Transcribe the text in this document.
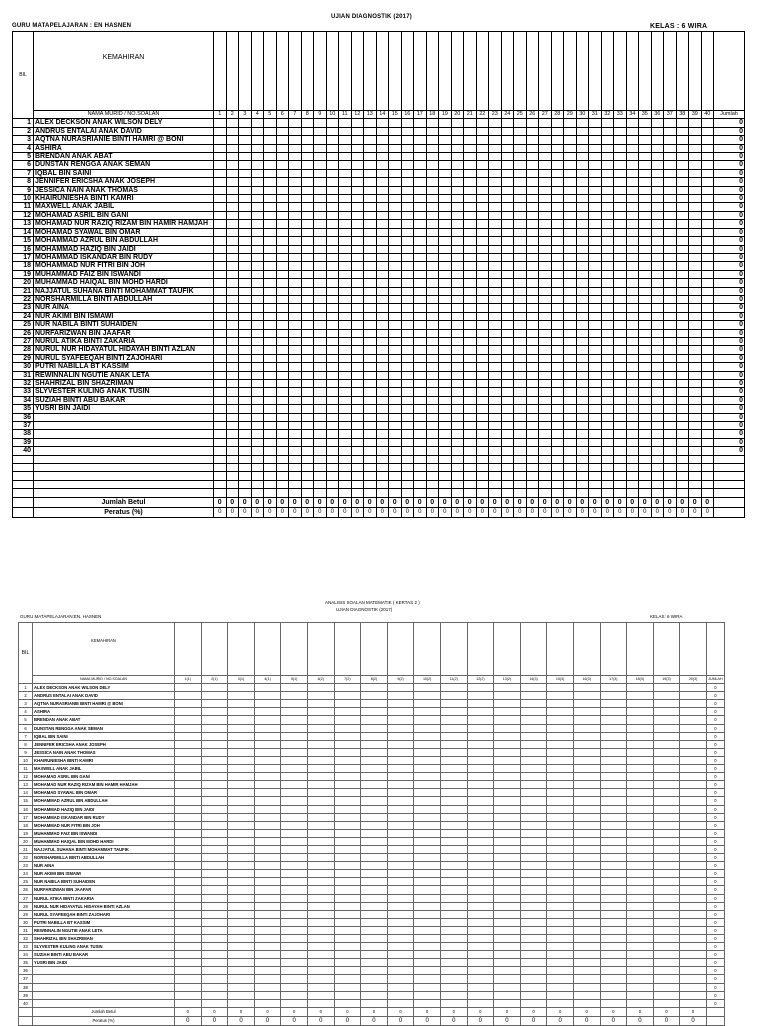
UJIAN DIAGNOSTIK (2017)
GURU MATAPELAJARAN : EN HASNEN	KELAS : 6 WIRA
BIL	KEMAHIRAN																																									
	NAMA MURID / NO.SOALAN	1	2	3	4	5	6	7	8	9	10	11	12	13	14	15	16	17	18	19	20	21	22	23	24	25	26	27	28	29	30	31	32	33	34	35	36	37	38	39	40	Jumlah
1	ALEX DECKSON ANAK WILSON DELY																																									0
2	ANDRUS ENTALAI ANAK DAVID																																									0
3	AQTNA NURASRIANIE BINTI HAMRI @ BONI																																									0
4	ASHIRA																																									0
5	BRENDAN ANAK ABAT																																									0
6	DUNSTAN RENGGA ANAK SEMAN																																									0
7	IQBAL BIN SAINI																																									0
8	JENNIFER ERICSHA ANAK JOSEPH																																									0
9	JESSICA NAIN ANAK THOMAS																																									0
10	KHAIRUNIESHA BINTI KAMRI																																									0
11	MAXWELL ANAK JABIL																																									0
12	MOHAMAD ASRIL BIN GANI																																									0
13	MOHAMAD NUR RAZIQ RIZAM BIN HAMIR HAMJAH																																									0
14	MOHAMAD SYAWAL BIN OMAR																																									0
15	MOHAMMAD AZRUL BIN ABDULLAH																																									0
16	MOHAMMAD HAZIQ BIN JAIDI																																									0
17	MOHAMMAD ISKANDAR BIN RUDY																																									0
18	MOHAMMAD NUR FITRI BIN JOH																																									0
19	MUHAMMAD FAIZ BIN ISWANDI																																									0
20	MUHAMMAD HAIQAL BIN MOHD HARDI																																									0
21	NAJJATUL SUHANA BINTI MOHAMMAT TAUFIK																																									0
22	NORSHARMILLA BINTI ABDULLAH																																									0
23	NUR AINA																																									0
24	NUR AKIMI BIN ISMAWI																																									0
25	NUR NABILA BINTI SUHAIDEN																																									0
26	NURFARIZWAN BIN JAAFAR																																									0
27	NURUL ATIKA BINTI ZAKARIA																																									0
28	NURUL NUR HIDAYATUL HIDAYAH BINTI AZLAN																																									0
29	NURUL SYAFEEQAH BINTI ZAJOHARI																																									0
30	PUTRI NABILLA BT KASSIM																																									0
31	REWINNALIN NGUTIE ANAK LETA																																									0
32	SHAHRIZAL BIN SHAZRIMAN																																									0
33	SLYVESTER KULING ANAK TUSIN																																									0
34	SUZIAH BINTI ABU BAKAR																																									0
35	YUSRI BIN JAIDI																																									0
36																																										0
37																																										0
38																																										0
39																																										0
40																																										0

	Jumlah Betul	0	0	0	0	0	0	0	0	0	0	0	0	0	0	0	0	0	0	0	0	0	0	0	0	0	0	0	0	0	0	0	0	0	0	0	0	0	0	0	0	
	Peratus (%)	0	0	0	0	0	0	0	0	0	0	0	0	0	0	0	0	0	0	0	0	0	0	0	0	0	0	0	0	0	0	0	0	0	0	0	0	0	0	0	0	
ANALISIS SOALAN MATEMATIK ( KERTAS 2 )
UJIAN DIAGNOSTIK (2017)
GURU MATAPELAJARAN:EN. HASNEN	KELAS: 6 WIRA
BIL	KEMAHIRAN																					
	NAMA MURID / NO.SOALAN	1(1)	2(1)	3(1)	4(1)	5(1)	6(2)	7(2)	8(2)	9(2)	10(2)	11(2)	12(2)	13(2)	14(3)	15(3)	16(3)	17(3)	18(3)	19(3)	20(3)	JUMLAH
1	ALEX DECKSON ANAK WILSON DELY																					0
2	ANDRUS ENTALAI ANAK DAVID																					0
3	AQTNA NURASRIANIE BINTI HAMRI @ BONI																					0
4	ASHIRA																					0
5	BRENDAN ANAK ABAT																					0
6	DUNSTAN RENGGA ANAK SEMAN																					0
7	IQBAL BIN SAINI																					0
8	JENNIFER ERICSHA ANAK JOSEPH																					0
9	JESSICA NAIN ANAK THOMAS																					0
10	KHAIRUNIESHA BINTI KAMRI																					0
11	MAXWELL ANAK JABIL																					0
12	MOHAMAD ASRIL BIN GANI																					0
13	MOHAMAD NUR RAZIQ RIZAM BIN HAMIR HAMJAH																					0
14	MOHAMAD SYAWAL BIN OMAR																					0
15	MOHAMMAD AZRUL BIN ABDULLAH																					0
16	MOHAMMAD HAZIQ BIN JAIDI																					0
17	MOHAMMAD ISKANDAR BIN RUDY																					0
18	MOHAMMAD NUR FITRI BIN JOH																					0
19	MUHAMMAD FAIZ BIN ISWANDI																					0
20	MUHAMMAD HAIQAL BIN MOHD HARDI																					0
21	NAJJATUL SUHANA BINTI MOHAMMAT TAUFIK																					0
22	NORSHARMILLA BINTI ABDULLAH																					0
23	NUR AINA																					0
24	NUR AKIMI BIN ISMAWI																					0
25	NUR NABILA BINTI SUHAIDEN																					0
26	NURFARIZWAN BIN JAAFAR																					0
27	NURUL ATIKA BINTI ZAKARIA																					0
28	NURUL NUR HIDAYATUL HIDAYAH BINTI AZLAN																					0
29	NURUL SYAFEEQAH BINTI ZAJOHARI																					0
30	PUTRI NABILLA BT KASSIM																					0
31	REWINNALIN NGUTIE ANAK LETA																					0
32	SHAHRIZAL BIN SHAZRIMAN																					0
33	SLYVESTER KULING ANAK TUSIN																					0
34	SUZIAH BINTI ABU BAKAR																					0
35	YUSRI BIN JAIDI																					0
36																						0
37																						0
38																						0
39																						0
40																						0
	Jumlah Betul	0	0	0	0	0	0	0	0	0	0	0	0	0	0	0	0	0	0	0	0	
	Peratus (%)	0	0	0	0	0	0	0	0	0	0	0	0	0	0	0	0	0	0	0	0	
